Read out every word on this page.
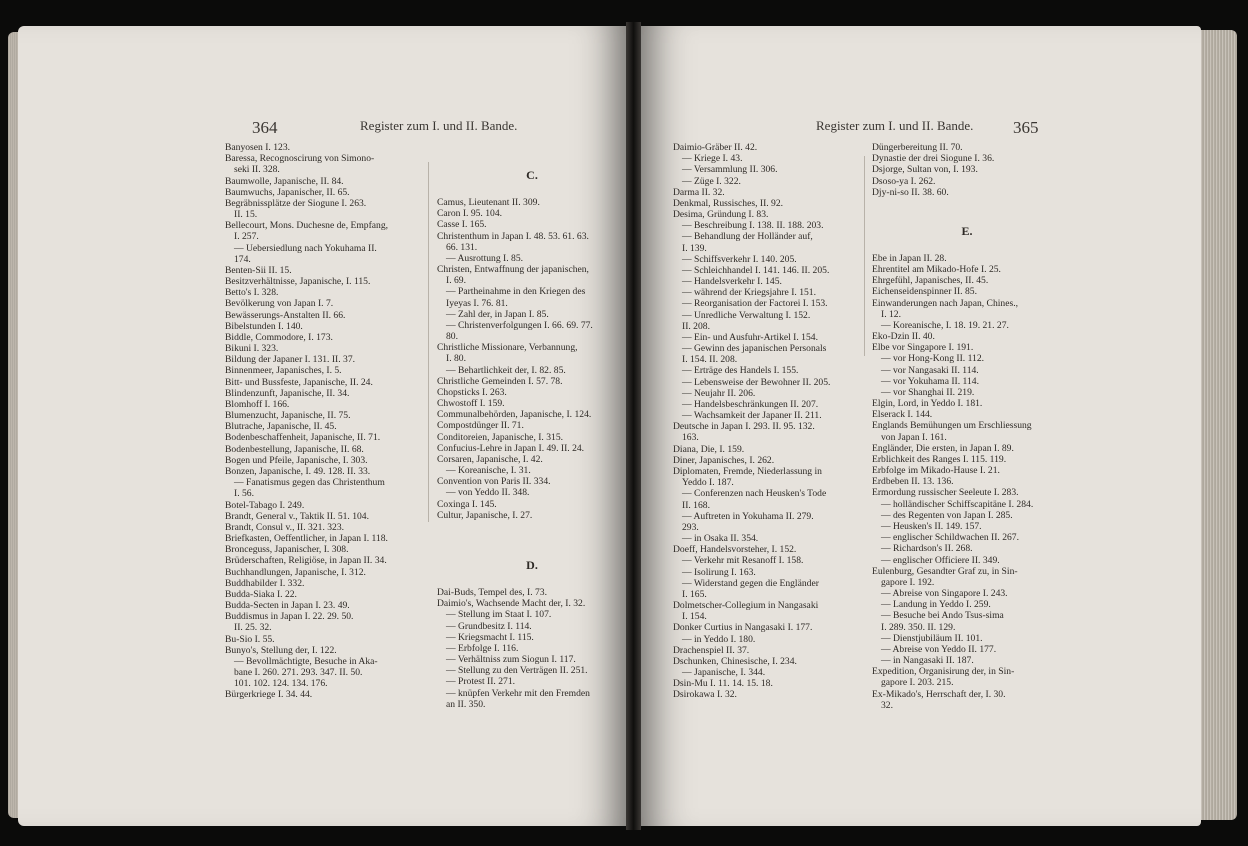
364	Register zum I. und II. Bande.
Banyosen I. 123.
Baressa, Recognoscirung von Simono-
seki II. 328.
Baumwolle, Japanische, II. 84.
Baumwuchs, Japanischer, II. 65.
Begräbnissplätze der Siogune I. 263.
II. 15.
Bellecourt, Mons. Duchesne de, Empfang,
I. 257.
— Uebersiedlung nach Yokuhama II.
174.
Benten-Sii II. 15.
Besitzverhältnisse, Japanische, I. 115.
Betto's I. 328.
Bevölkerung von Japan I. 7.
Bewässerungs-Anstalten II. 66.
Bibelstunden I. 140.
Biddle, Commodore, I. 173.
Bikuni I. 323.
Bildung der Japaner I. 131. II. 37.
Binnenmeer, Japanisches, I. 5.
Bitt- und Bussfeste, Japanische, II. 24.
Blindenzunft, Japanische, II. 34.
Blomhoff I. 166.
Blumenzucht, Japanische, II. 75.
Blutrache, Japanische, II. 45.
Bodenbeschaffenheit, Japanische, II. 71.
Bodenbestellung, Japanische, II. 68.
Bogen und Pfeile, Japanische, I. 303.
Bonzen, Japanische, I. 49. 128. II. 33.
— Fanatismus gegen das Christenthum
I. 56.
Botel-Tabago I. 249.
Brandt, General v., Taktik II. 51. 104.
Brandt, Consul v., II. 321. 323.
Briefkasten, Oeffentlicher, in Japan I. 118.
Bronceguss, Japanischer, I. 308.
Brüderschaften, Religiöse, in Japan II. 34.
Buchhandlungen, Japanische, I. 312.
Buddhabilder I. 332.
Budda-Siaka I. 22.
Budda-Secten in Japan I. 23. 49.
Buddismus in Japan I. 22. 29. 50.
II. 25. 32.
Bu-Sio I. 55.
Bunyo's, Stellung der, I. 122.
— Bevollmächtigte, Besuche in Aka-
bane I. 260. 271. 293. 347. II. 50.
101. 102. 124. 134. 176.
Bürgerkriege I. 34. 44.
C.
Camus, Lieutenant II. 309.
Caron I. 95. 104.
Casse I. 165.
Christenthum in Japan I. 48. 53. 61. 63.
66. 131.
— Ausrottung I. 85.
Christen, Entwaffnung der japanischen,
I. 69.
— Partheinahme in den Kriegen des
Iyeyas I. 76. 81.
— Zahl der, in Japan I. 85.
— Christenverfolgungen I. 66. 69. 77.
80.
Christliche Missionare, Verbannung,
I. 80.
— Behartlichkeit der, I. 82. 85.
Christliche Gemeinden I. 57. 78.
Chopsticks I. 263.
Chwostoff I. 159.
Communalbehörden, Japanische, I. 124.
Compostdünger II. 71.
Conditoreien, Japanische, I. 315.
Confucius-Lehre in Japan I. 49. II. 24.
Corsaren, Japanische, I. 42.
— Koreanische, I. 31.
Convention von Paris II. 334.
— von Yeddo II. 348.
Coxinga I. 145.
Cultur, Japanische, I. 27.
D.
Dai-Buds, Tempel des, I. 73.
Daimio's, Wachsende Macht der, I. 32.
— Stellung im Staat I. 107.
— Grundbesitz I. 114.
— Kriegsmacht I. 115.
— Erbfolge I. 116.
— Verhältniss zum Siogun I. 117.
— Stellung zu den Verträgen II. 251.
— Protest II. 271.
— knüpfen Verkehr mit den Fremden
an II. 350.
Register zum I. und II. Bande. 365
Daimio-Gräber II. 42.
— Kriege I. 43.
— Versammlung II. 306.
— Züge I. 322.
Darma II. 32.
Denkmal, Russisches, II. 92.
Desima, Gründung I. 83.
— Beschreibung I. 138. II. 188. 203.
— Behandlung der Holländer auf,
I. 139.
— Schiffsverkehr I. 140. 205.
— Schleichhandel I. 141. 146. II. 205.
— Handelsverkehr I. 145.
— während der Kriegsjahre I. 151.
— Reorganisation der Factorei I. 153.
— Unredliche Verwaltung I. 152.
II. 208.
— Ein- und Ausfuhr-Artikel I. 154.
— Gewinn des japanischen Personals
I. 154. II. 208.
— Erträge des Handels I. 155.
— Lebensweise der Bewohner II. 205.
— Neujahr II. 206.
— Handelsbeschränkungen II. 207.
— Wachsamkeit der Japaner II. 211.
Deutsche in Japan I. 293. II. 95. 132.
163.
Diana, Die, I. 159.
Diner, Japanisches, I. 262.
Diplomaten, Fremde, Niederlassung in
Yeddo I. 187.
— Conferenzen nach Heusken's Tode
II. 168.
— Auftreten in Yokuhama II. 279.
293.
— in Osaka II. 354.
Doeff, Handelsvorsteher, I. 152.
— Verkehr mit Resanoff I. 158.
— Isolirung I. 163.
— Widerstand gegen die Engländer
I. 165.
Dolmetscher-Collegium in Nangasaki
I. 154.
Donker Curtius in Nangasaki I. 177.
— in Yeddo I. 180.
Drachenspiel II. 37.
Dschunken, Chinesische, I. 234.
— Japanische, I. 344.
Dsin-Mu I. 11. 14. 15. 18.
Dsirokawa I. 32.
Düngerbereitung II. 70.
Dynastie der drei Siogune I. 36.
Dsjorge, Sultan von, I. 193.
Dsoso-ya I. 262.
Djy-ni-so II. 38. 60.
E.
Ebe in Japan II. 28.
Ehrentitel am Mikado-Hofe I. 25.
Ehrgefühl, Japanisches, II. 45.
Eichenseidenspinner II. 85.
Einwanderungen nach Japan, Chines.,
I. 12.
— Koreanische, I. 18. 19. 21. 27.
Eko-Dzin II. 40.
Elbe vor Singapore I. 191.
— vor Hong-Kong II. 112.
— vor Nangasaki II. 114.
— vor Yokuhama II. 114.
— vor Shanghai II. 219.
Elgin, Lord, in Yeddo I. 181.
Elserack I. 144.
Englands Bemühungen um Erschliessung
von Japan I. 161.
Engländer, Die ersten, in Japan I. 89.
Erblichkeit des Ranges I. 115. 119.
Erbfolge im Mikado-Hause I. 21.
Erdbeben II. 13. 136.
Ermordung russischer Seeleute I. 283.
— holländischer Schiffscapitäne I. 284.
— des Regenten von Japan I. 285.
— Heusken's II. 149. 157.
— englischer Schildwachen II. 267.
— Richardson's II. 268.
— englischer Officiere II. 349.
Eulenburg, Gesandter Graf zu, in Sin-
gapore I. 192.
— Abreise von Singapore I. 243.
— Landung in Yeddo I. 259.
— Besuche bei Ando Tsus-sima
I. 289. 350. II. 129.
— Dienstjubiläum II. 101.
— Abreise von Yeddo II. 177.
— in Nangasaki II. 187.
Expedition, Organisirung der, in Sin-
gapore I. 203. 215.
Ex-Mikado's, Herrschaft der, I. 30.
32.
